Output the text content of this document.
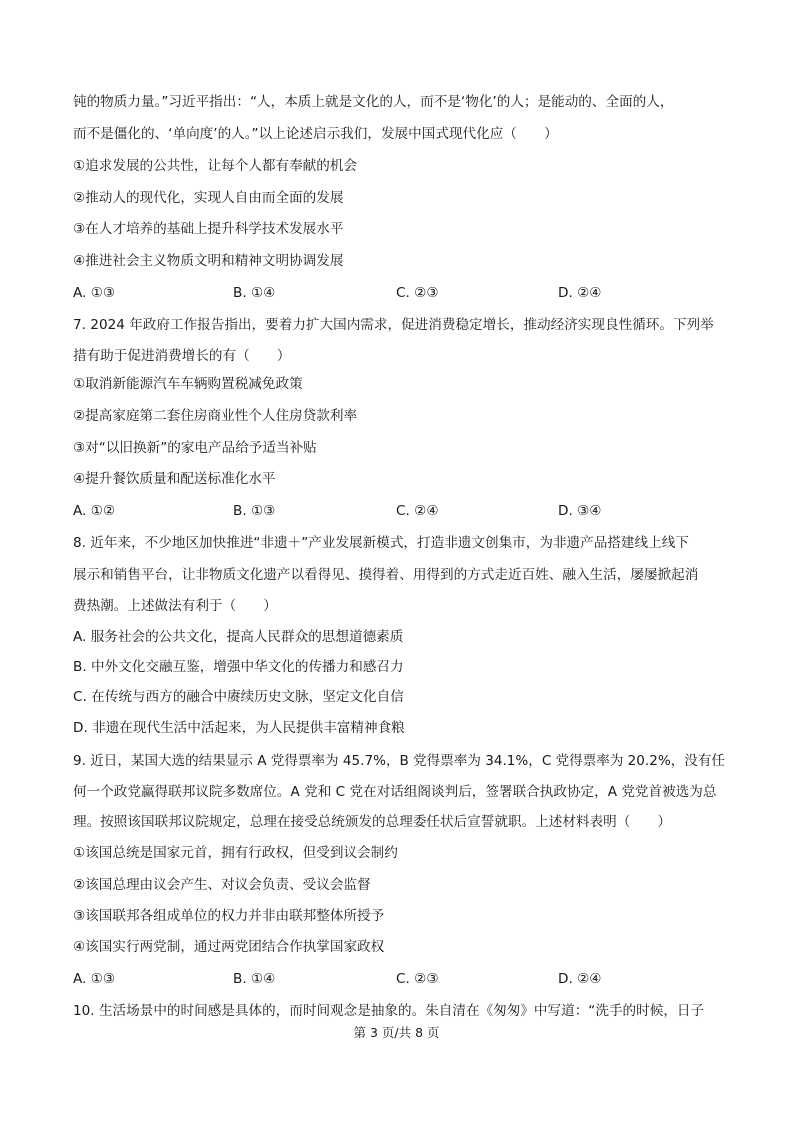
钝的物质力量。”习近平指出：“人，本质上就是文化的人，而不是‘物化’的人；是能动的、全面的人，
而不是僵化的、‘单向度’的人。”以上论述启示我们，发展中国式现代化应（　　）
①追求发展的公共性，让每个人都有奉献的机会
②推动人的现代化，实现人自由而全面的发展
③在人才培养的基础上提升科学技术发展水平
④推进社会主义物质文明和精神文明协调发展
A. ①③	B. ①④	C. ②③	D. ②④
7. 2024 年政府工作报告指出，要着力扩大国内需求，促进消费稳定增长，推动经济实现良性循环。下列举
措有助于促进消费增长的有（　　）
①取消新能源汽车车辆购置税减免政策
②提高家庭第二套住房商业性个人住房贷款利率
③对“以旧换新”的家电产品给予适当补贴
④提升餐饮质量和配送标准化水平
A. ①②	B. ①③	C. ②④	D. ③④
8. 近年来，不少地区加快推进“非遗＋”产业发展新模式，打造非遗文创集市，为非遗产品搭建线上线下
展示和销售平台，让非物质文化遗产以看得见、摸得着、用得到的方式走近百姓、融入生活，屡屡掀起消
费热潮。上述做法有利于（　　）
A. 服务社会的公共文化，提高人民群众的思想道德素质
B. 中外文化交融互鉴，增强中华文化的传播力和感召力
C. 在传统与西方的融合中赓续历史文脉，坚定文化自信
D. 非遗在现代生活中活起来，为人民提供丰富精神食粮
9. 近日，某国大选的结果显示 A 党得票率为 45.7%，B 党得票率为 34.1%，C 党得票率为 20.2%，没有任
何一个政党赢得联邦议院多数席位。A 党和 C 党在对话组阁谈判后，签署联合执政协定，A 党党首被选为总
理。按照该国联邦议院规定，总理在接受总统颁发的总理委任状后宣誓就职。上述材料表明（　　）
①该国总统是国家元首，拥有行政权，但受到议会制约
②该国总理由议会产生、对议会负责、受议会监督
③该国联邦各组成单位的权力并非由联邦整体所授予
④该国实行两党制，通过两党团结合作执掌国家政权
A. ①③	B. ①④	C. ②③	D. ②④
10. 生活场景中的时间感是具体的，而时间观念是抽象的。朱自清在《匆匆》中写道：“洗手的时候，日子
第 3 页/共 8 页
